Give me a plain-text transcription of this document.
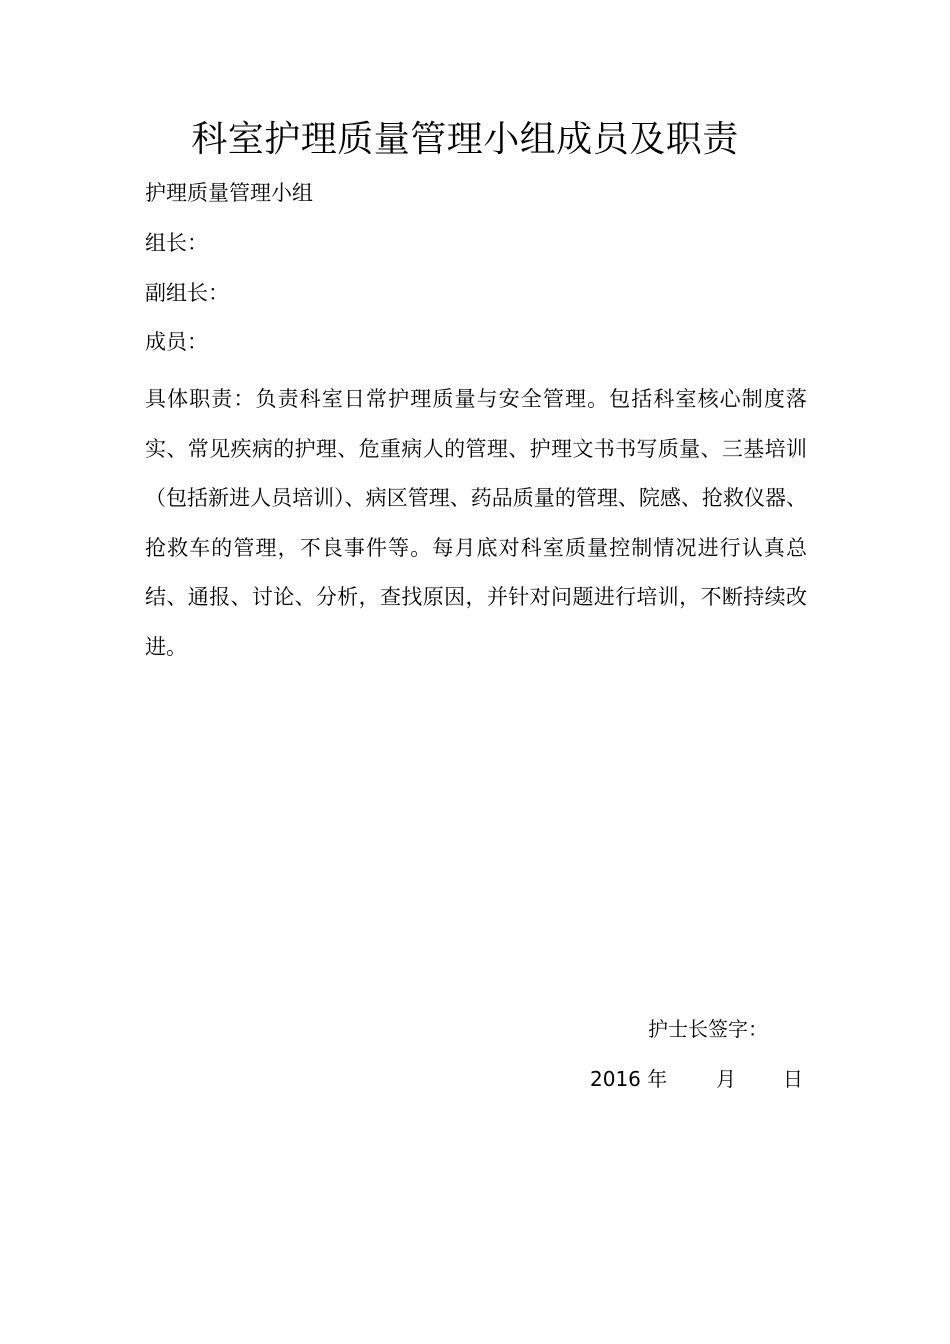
科室护理质量管理小组成员及职责

护理质量管理小组

组长：

副组长：

成员：

具体职责：负责科室日常护理质量与安全管理。包括科室核心制度落实、常见疾病的护理、危重病人的管理、护理文书书写质量、三基培训（包括新进人员培训）、病区管理、药品质量的管理、院感、抢救仪器、抢救车的管理，不良事件等。每月底对科室质量控制情况进行认真总结、通报、讨论、分析，查找原因，并针对问题进行培训，不断持续改进。

护士长签字：
2016 年 月 日
